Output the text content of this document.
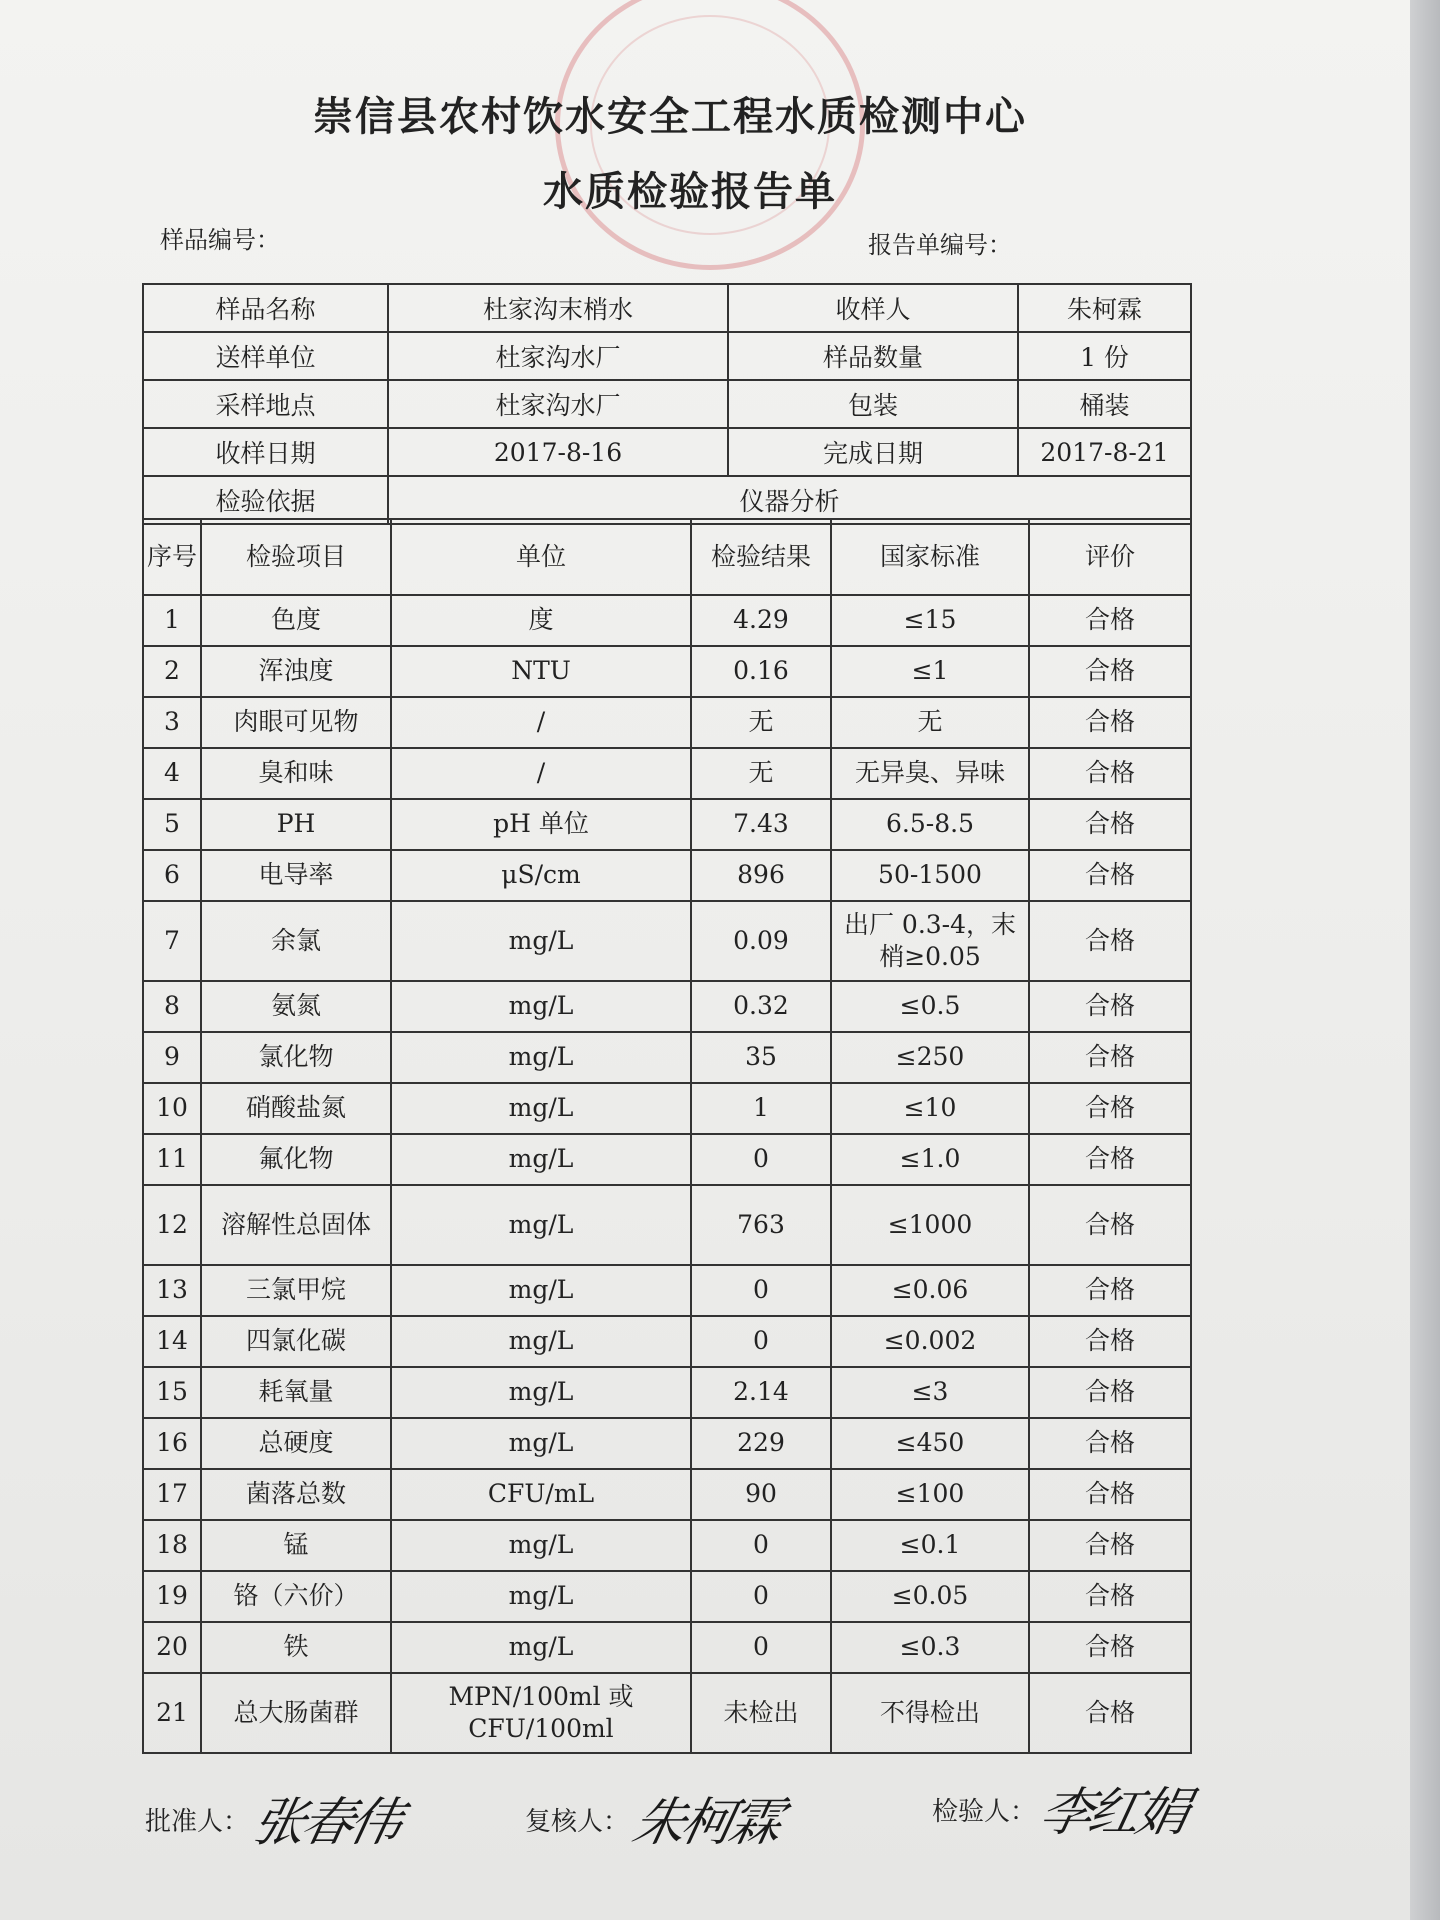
崇信县农村饮水安全工程水质检测中心
水质检验报告单
样品编号：	报告单编号：
样品名称	杜家沟末梢水	收样人	朱柯霖
送样单位	杜家沟水厂	样品数量	1 份
采样地点	杜家沟水厂	包装	桶装
收样日期	2017-8-16	完成日期	2017-8-21
检验依据	仪器分析		
序号	检验项目	单位	检验结果	国家标准	评价
1	色度	度	4.29	≤15	合格
2	浑浊度	NTU	0.16	≤1	合格
3	肉眼可见物	/	无	无	合格
4	臭和味	/	无	无异臭、异味	合格
5	PH	pH 单位	7.43	6.5-8.5	合格
6	电导率	μS/cm	896	50-1500	合格
7	余氯	mg/L	0.09	出厂 0.3-4，末梢≥0.05	合格
8	氨氮	mg/L	0.32	≤0.5	合格
9	氯化物	mg/L	35	≤250	合格
10	硝酸盐氮	mg/L	1	≤10	合格
11	氟化物	mg/L	0	≤1.0	合格
12	溶解性总固体	mg/L	763	≤1000	合格
13	三氯甲烷	mg/L	0	≤0.06	合格
14	四氯化碳	mg/L	0	≤0.002	合格
15	耗氧量	mg/L	2.14	≤3	合格
16	总硬度	mg/L	229	≤450	合格
17	菌落总数	CFU/mL	90	≤100	合格
18	锰	mg/L	0	≤0.1	合格
19	铬（六价）	mg/L	0	≤0.05	合格
20	铁	mg/L	0	≤0.3	合格
21	总大肠菌群	MPN/100ml 或 CFU/100ml	未检出	不得检出	合格
批准人：张春伟	复核人：朱柯霖	检验人：李红娟
